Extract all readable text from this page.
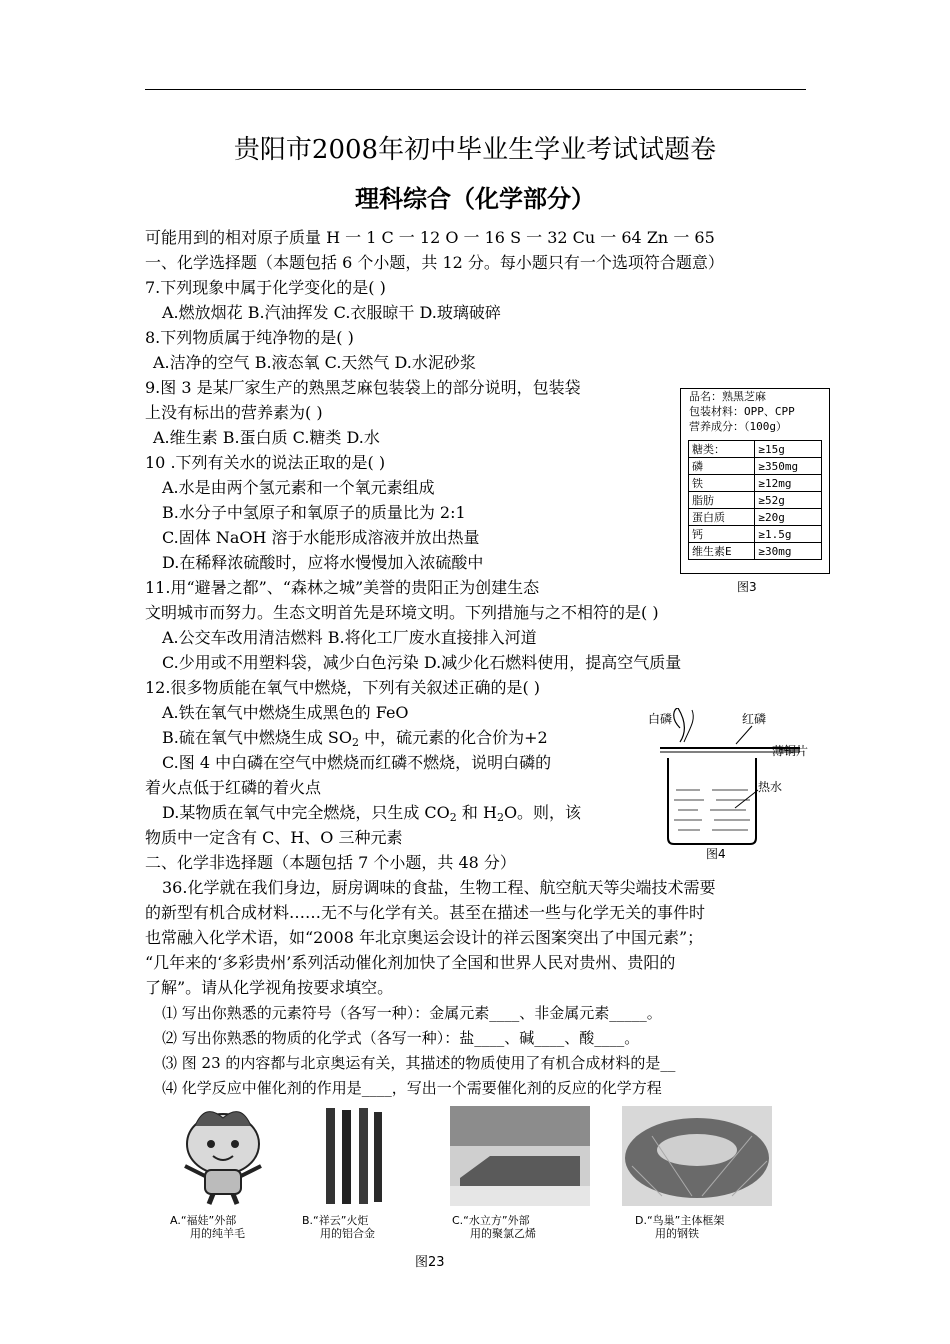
贵阳市2008年初中毕业生学业考试试题卷
理科综合（化学部分）
可能用到的相对原子质量 H 一 1 C 一 12 O 一 16 S 一 32 Cu 一 64 Zn 一 65
一、化学选择题（本题包括 6 个小题，共 12 分。每小题只有一个选项符合题意）
7.下列现象中属于化学变化的是( )
A.燃放烟花 B.汽油挥发 C.衣服晾干 D.玻璃破碎
8.下列物质属于纯净物的是( )
A.洁净的空气 B.液态氧 C.天然气 D.水泥砂浆
9.图 3 是某厂家生产的熟黑芝麻包装袋上的部分说明，包装袋
上没有标出的营养素为( )
A.维生素 B.蛋白质 C.糖类 D.水
10 .下列有关水的说法正取的是( )
A.水是由两个氢元素和一个氧元素组成
B.水分子中氢原子和氧原子的质量比为 2:1
C.固体 NaOH 溶于水能形成溶液并放出热量
D.在稀释浓硫酸时，应将水慢慢加入浓硫酸中
11.用“避暑之都”、“森林之城”美誉的贵阳正为创建生态
文明城市而努力。生态文明首先是环境文明。下列措施与之不相符的是( )
A.公交车改用清洁燃料 B.将化工厂废水直接排入河道
C.少用或不用塑料袋，减少白色污染 D.减少化石燃料使用，提高空气质量
12.很多物质能在氧气中燃烧，下列有关叙述正确的是( )
A.铁在氧气中燃烧生成黑色的 FeO
B.硫在氧气中燃烧生成 $SO_2$ 中，硫元素的化合价为+2
C.图 4 中白磷在空气中燃烧而红磷不燃烧，说明白磷的
着火点低于红磷的着火点
D.某物质在氧气中完全燃烧，只生成 $CO_2$ 和 $H_2O$。则，该
物质中一定含有 C、H、O 三种元素
二、化学非选择题（本题包括 7 个小题，共 48 分）
36.化学就在我们身边，厨房调味的食盐，生物工程、航空航天等尖端技术需要
的新型有机合成材料……无不与化学有关。甚至在描述一些与化学无关的事件时
也常融入化学术语，如“2008 年北京奥运会设计的祥云图案突出了中国元素”；
“几年来的‘多彩贵州’系列活动催化剂加快了全国和世界人民对贵州、贵阳的
了解”。请从化学视角按要求填空。
⑴ 写出你熟悉的元素符号（各写一种）：金属元素____、非金属元素_____。
⑵ 写出你熟悉的物质的化学式（各写一种）：盐____、碱____、酸____。
⑶ 图 23 的内容都与北京奥运有关，其描述的物质使用了有机合成材料的是__
⑷ 化学反应中催化剂的作用是____，写出一个需要催化剂的反应的化学方程
品名：熟黑芝麻
包装材料：OPP、CPP
营养成分：（100g）
糖类：	≥15g
磷	≥350mg
铁	≥12mg
脂肪	≥52g
蛋白质	≥20g
钙	≥1.5g
维生素E	≥30mg
图3
白磷	红磷
薄铜片
热水
图4
A.“福娃”外部
用的纯羊毛
B.“祥云”火炬
用的铝合金
C.“水立方”外部
用的聚氯乙烯
D.“鸟巢”主体框架
用的钢铁
图23
